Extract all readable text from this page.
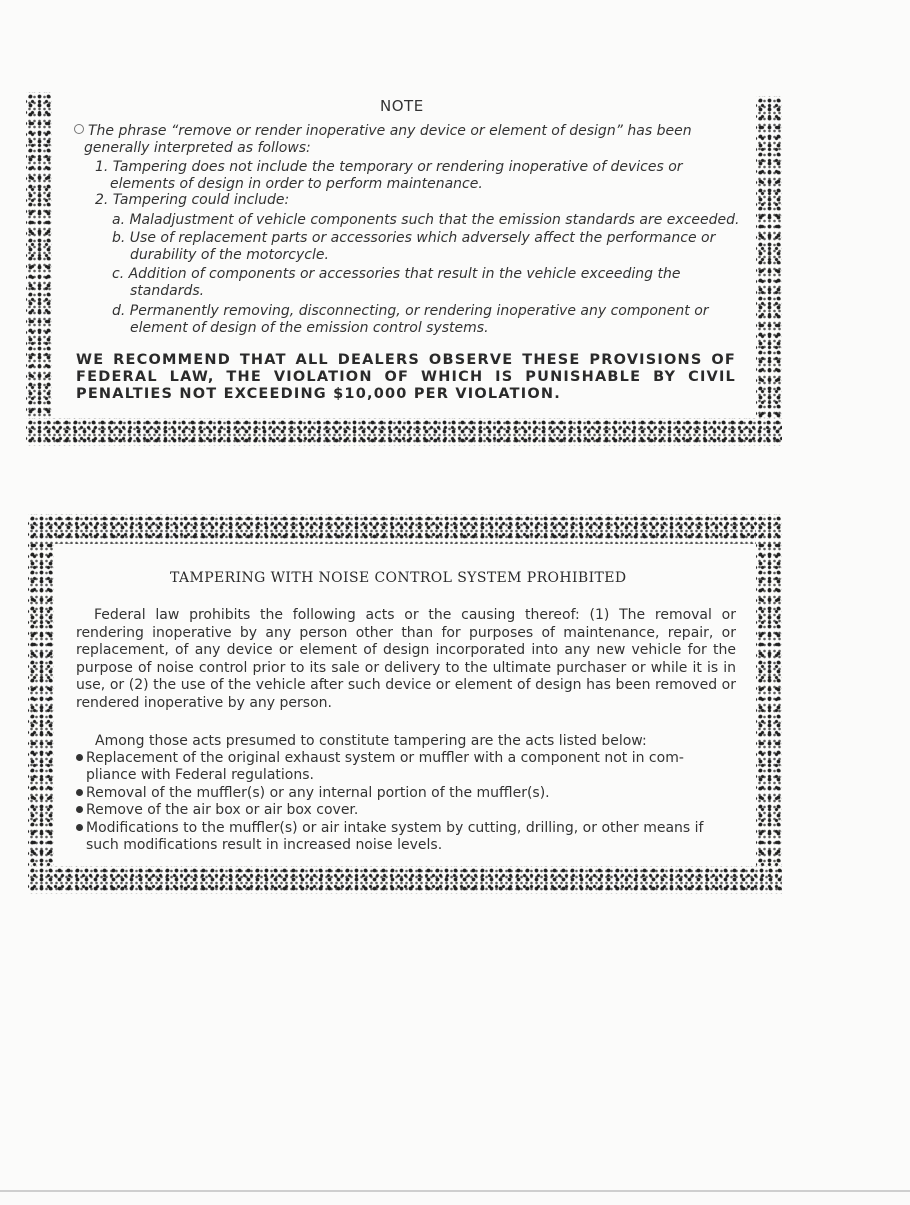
NOTE
The phrase “remove or render inoperative any device or element of design” has been
generally interpreted as follows:
1. Tampering does not include the temporary or rendering inoperative of devices or
elements of design in order to perform maintenance.
2. Tampering could include:
a. Maladjustment of vehicle components such that the emission standards are exceeded.
b. Use of replacement parts or accessories which adversely affect the performance or
durability of the motorcycle.
c. Addition of components or accessories that result in the vehicle exceeding the
standards.
d. Permanently removing, disconnecting, or rendering inoperative any component or
element of design of the emission control systems.
WE RECOMMEND THAT ALL DEALERS OBSERVE THESE PROVISIONS OF FEDERAL LAW, THE VIOLATION OF WHICH IS PUNISHABLE BY CIVIL PENALTIES NOT EXCEEDING $10,000 PER VIOLATION.
TAMPERING WITH NOISE CONTROL SYSTEM PROHIBITED
Federal law prohibits the following acts or the causing thereof: (1) The removal or rendering inoperative by any person other than for purposes of maintenance, repair, or replacement, of any device or element of design incorporated into any new vehicle for the purpose of noise control prior to its sale or delivery to the ultimate purchaser or while it is in use, or (2) the use of the vehicle after such device or element of design has been removed or rendered inoperative by any person.
Among those acts presumed to constitute tampering are the acts listed below:
Replacement of the original exhaust system or muffler with a component not in com-
pliance with Federal regulations.
Removal of the muffler(s) or any internal portion of the muffler(s).
Remove of the air box or air box cover.
Modifications to the muffler(s) or air intake system by cutting, drilling, or other means if
such modifications result in increased noise levels.
